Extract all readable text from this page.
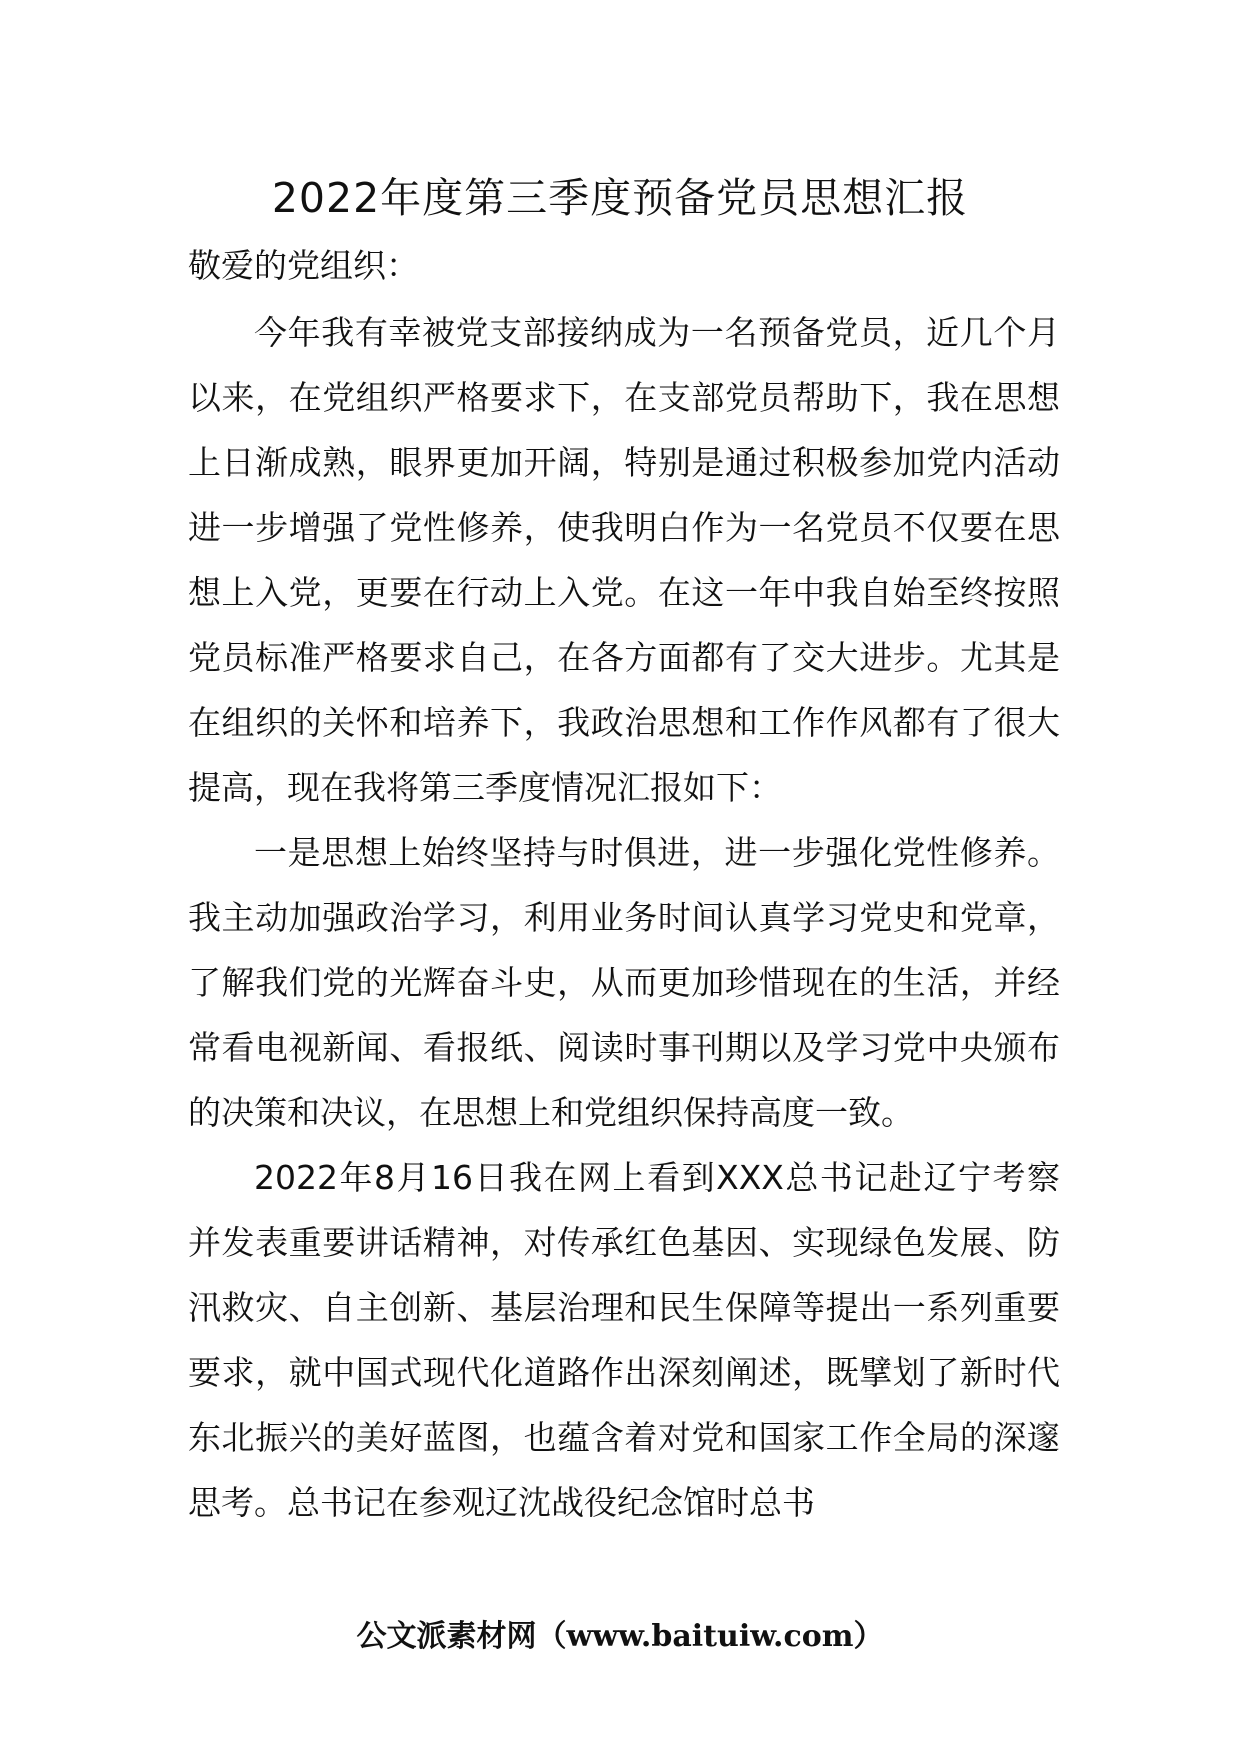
2022年度第三季度预备党员思想汇报

敬爱的党组织：

今年我有幸被党支部接纳成为一名预备党员，近几个月以来，在党组织严格要求下，在支部党员帮助下，我在思想上日渐成熟，眼界更加开阔，特别是通过积极参加党内活动进一步增强了党性修养，使我明白作为一名党员不仅要在思想上入党，更要在行动上入党。在这一年中我自始至终按照党员标准严格要求自己，在各方面都有了交大进步。尤其是在组织的关怀和培养下，我政治思想和工作作风都有了很大提高，现在我将第三季度情况汇报如下：

一是思想上始终坚持与时俱进，进一步强化党性修养。我主动加强政治学习，利用业务时间认真学习党史和党章，了解我们党的光辉奋斗史，从而更加珍惜现在的生活，并经常看电视新闻、看报纸、阅读时事刊期以及学习党中央颁布的决策和决议，在思想上和党组织保持高度一致。

2022年8月16日我在网上看到XXX总书记赴辽宁考察并发表重要讲话精神，对传承红色基因、实现绿色发展、防汛救灾、自主创新、基层治理和民生保障等提出一系列重要要求，就中国式现代化道路作出深刻阐述，既擘划了新时代东北振兴的美好蓝图，也蕴含着对党和国家工作全局的深邃思考。总书记在参观辽沈战役纪念馆时总书

公文派素材网（www.baituiw.com）
